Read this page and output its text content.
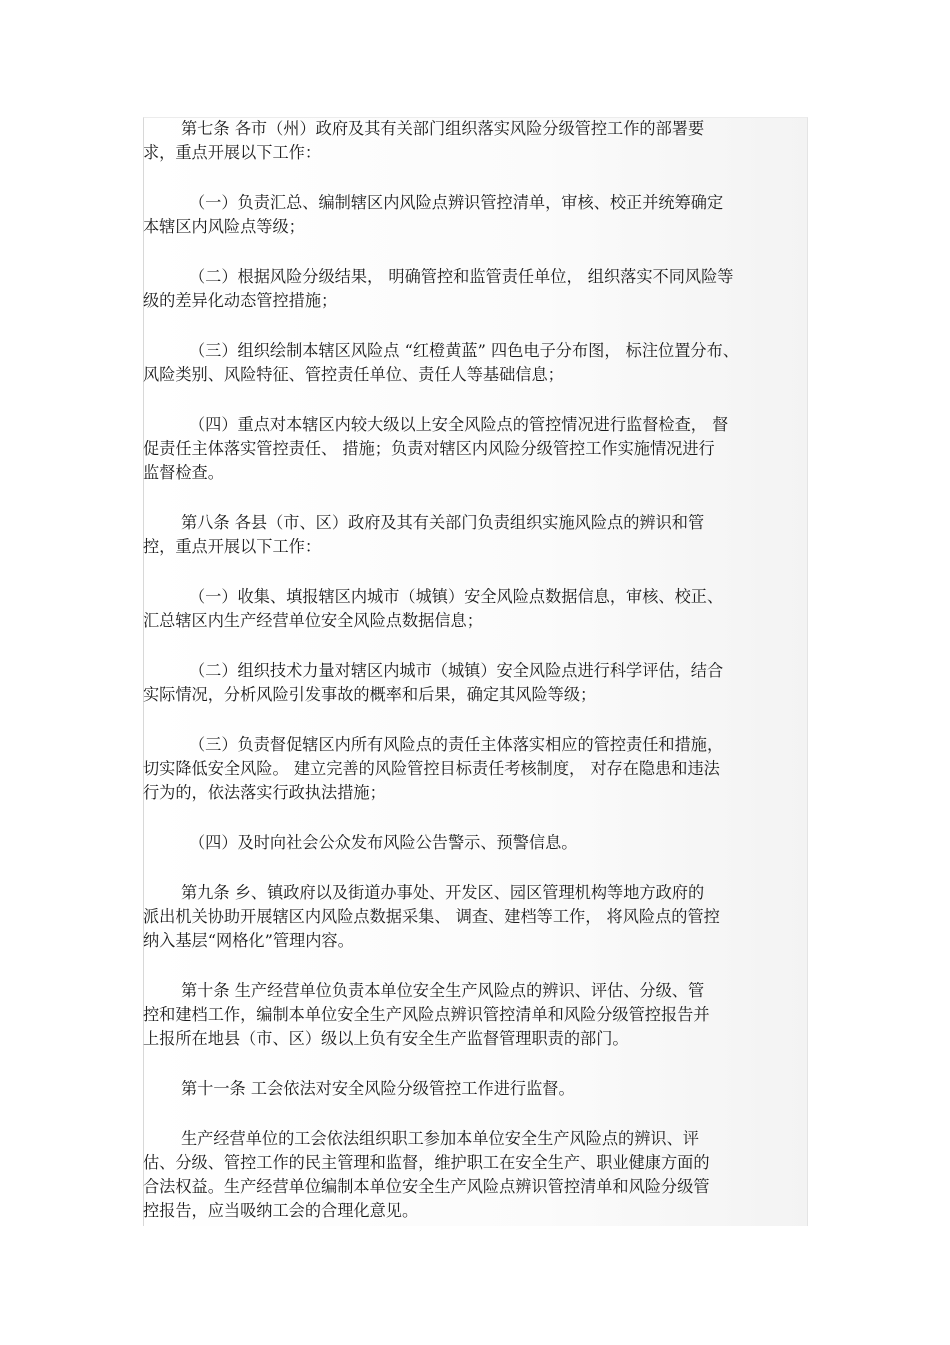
第七条 各市（州）政府及其有关部门组织落实风险分级管控工作的部署要
求，重点开展以下工作：

（一）负责汇总、编制辖区内风险点辨识管控清单，审核、校正并统筹确定
本辖区内风险点等级；

（二）根据风险分级结果， 明确管控和监管责任单位， 组织落实不同风险等
级的差异化动态管控措施；

（三）组织绘制本辖区风险点 “红橙黄蓝” 四色电子分布图， 标注位置分布、
风险类别、风险特征、管控责任单位、责任人等基础信息；

（四）重点对本辖区内较大级以上安全风险点的管控情况进行监督检查， 督
促责任主体落实管控责任、 措施；负责对辖区内风险分级管控工作实施情况进行
监督检查。

第八条 各县（市、区）政府及其有关部门负责组织实施风险点的辨识和管
控，重点开展以下工作：

（一）收集、填报辖区内城市（城镇）安全风险点数据信息，审核、校正、
汇总辖区内生产经营单位安全风险点数据信息；

（二）组织技术力量对辖区内城市（城镇）安全风险点进行科学评估，结合
实际情况，分析风险引发事故的概率和后果，确定其风险等级；

（三）负责督促辖区内所有风险点的责任主体落实相应的管控责任和措施，
切实降低安全风险。 建立完善的风险管控目标责任考核制度， 对存在隐患和违法
行为的，依法落实行政执法措施；

（四）及时向社会公众发布风险公告警示、预警信息。

第九条 乡、镇政府以及街道办事处、开发区、园区管理机构等地方政府的
派出机关协助开展辖区内风险点数据采集、 调查、建档等工作， 将风险点的管控
纳入基层“网格化”管理内容。

第十条 生产经营单位负责本单位安全生产风险点的辨识、评估、分级、管
控和建档工作，编制本单位安全生产风险点辨识管控清单和风险分级管控报告并
上报所在地县（市、区）级以上负有安全生产监督管理职责的部门。

第十一条 工会依法对安全风险分级管控工作进行监督。

生产经营单位的工会依法组织职工参加本单位安全生产风险点的辨识、评
估、分级、管控工作的民主管理和监督，维护职工在安全生产、职业健康方面的
合法权益。生产经营单位编制本单位安全生产风险点辨识管控清单和风险分级管
控报告，应当吸纳工会的合理化意见。
